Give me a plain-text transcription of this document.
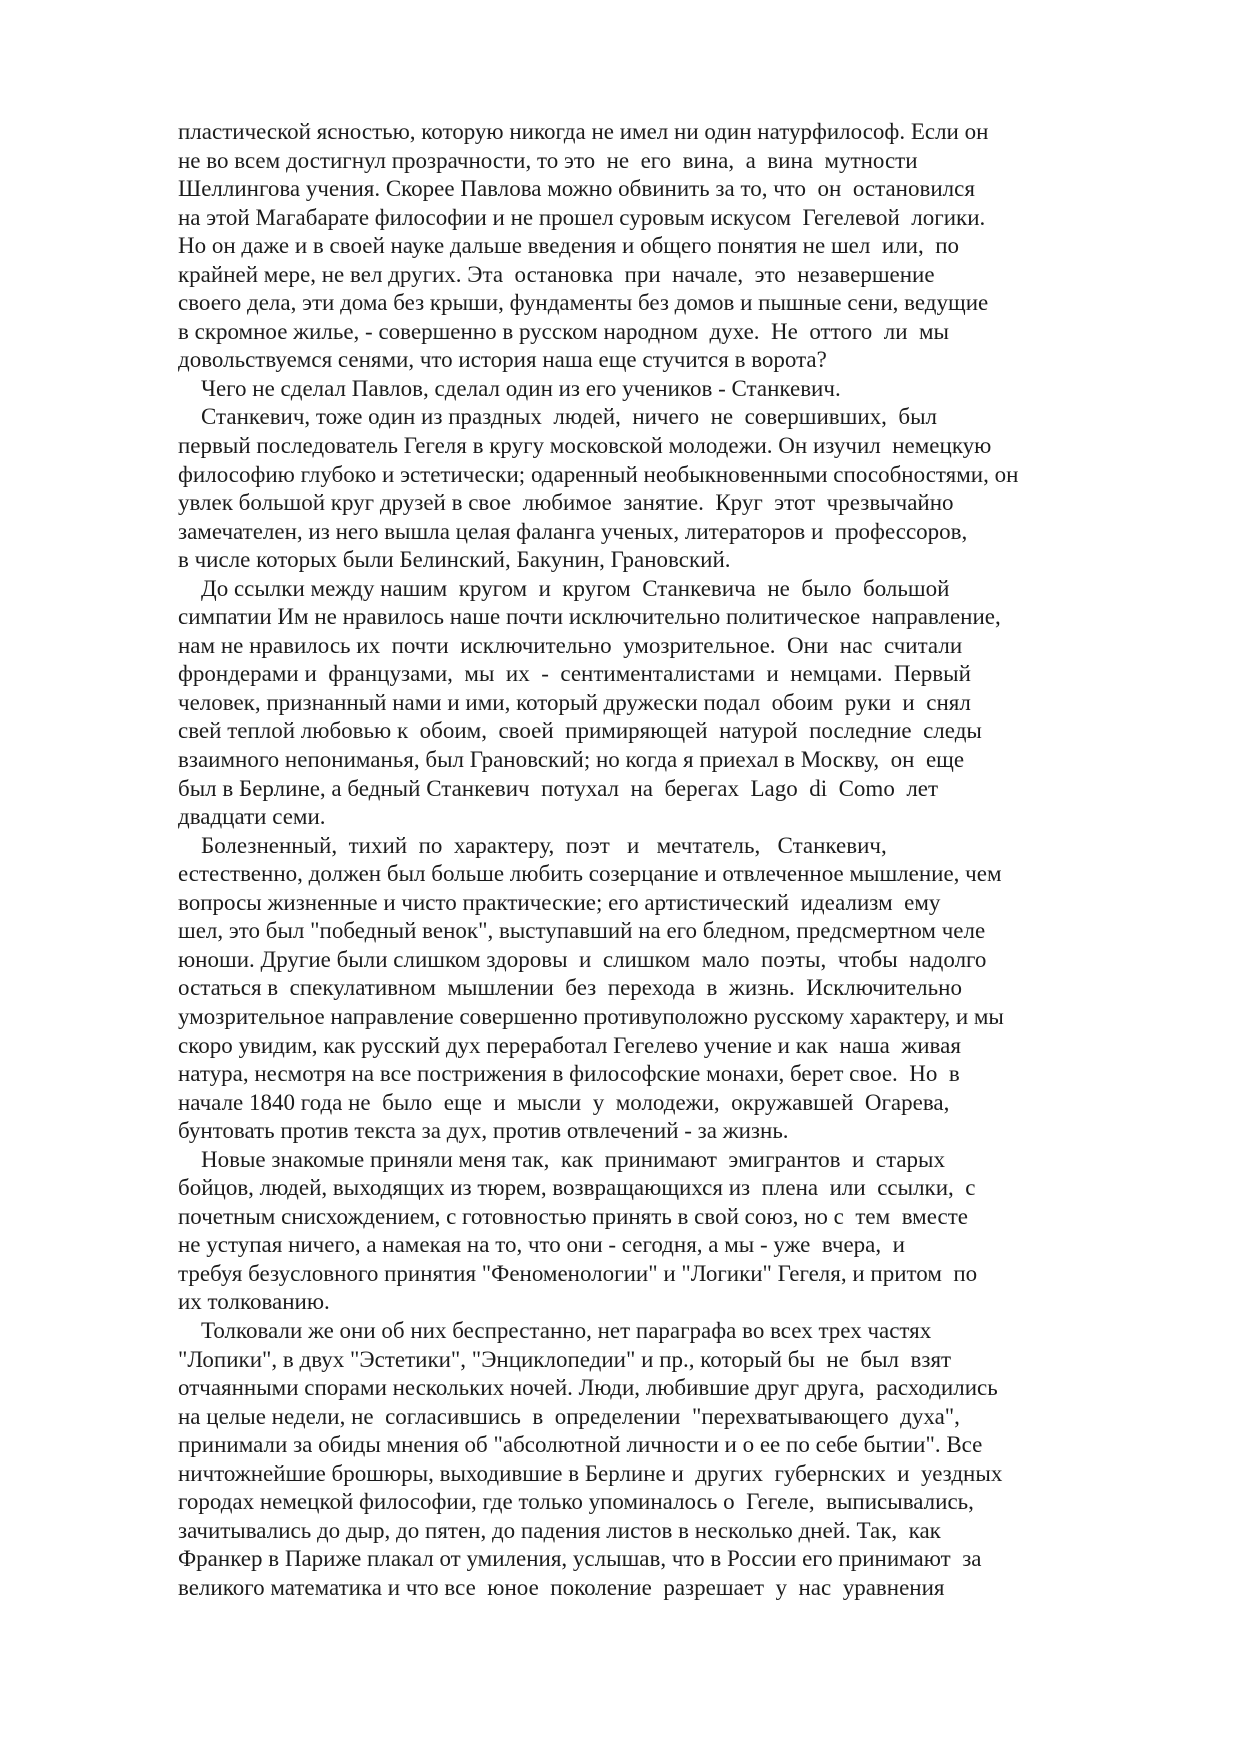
пластической ясностью, которую никогда не имел ни один натурфилософ. Если он
не во всем достигнул прозрачности, то это  не  его  вина,  а  вина  мутности
Шеллингова учения. Скорее Павлова можно обвинить за то, что  он  остановился
на этой Магабарате философии и не прошел суровым искусом  Гегелевой  логики.
Но он даже и в своей науке дальше введения и общего понятия не шел  или,  по
крайней мере, не вел других. Эта  остановка  при  начале,  это  незавершение
своего дела, эти дома без крыши, фундаменты без домов и пышные сени, ведущие
в скромное жилье, - совершенно в русском народном  духе.  Не  оттого  ли  мы
довольствуемся сенями, что история наша еще стучится в ворота?
Чего не сделал Павлов, сделал один из его учеников - Станкевич.
Станкевич, тоже один из праздных  людей,  ничего  не  совершивших,  был
первый последователь Гегеля в кругу московской молодежи. Он изучил  немецкую
философию глубоко и эстетически; одаренный необыкновенными способностями, он
увлек большой круг друзей в свое  любимое  занятие.  Круг  этот  чрезвычайно
замечателен, из него вышла целая фаланга ученых, литераторов и  профессоров,
в числе которых были Белинский, Бакунин, Грановский.
До ссылки между нашим  кругом  и  кругом  Станкевича  не  было  большой
симпатии Им не нравилось наше почти исключительно политическое  направление,
нам не нравилось их  почти  исключительно  умозрительное.  Они  нас  считали
фрондерами и  французами,  мы  их  -  сентименталистами  и  немцами.  Первый
человек, признанный нами и ими, который дружески подал  обоим  руки  и  снял
свей теплой любовью к  обоим,  своей  примиряющей  натурой  последние  следы
взаимного непониманья, был Грановский; но когда я приехал в Москву,  он  еще
был в Берлине, а бедный Станкевич  потухал  на  берегах  Lago  di  Como  лет
двадцати семи.
Болезненный,  тихий  по  характеру,  поэт   и   мечтатель,   Станкевич,
естественно, должен был больше любить созерцание и отвлеченное мышление, чем
вопросы жизненные и чисто практические; его артистический  идеализм  ему
шел, это был "победный венок", выступавший на его бледном, предсмертном челе
юноши. Другие были слишком здоровы  и  слишком  мало  поэты,  чтобы  надолго
остаться в  спекулативном  мышлении  без  перехода  в  жизнь.  Исключительно
умозрительное направление совершенно противуположно русскому характеру, и мы
скоро увидим, как русский дух переработал Гегелево учение и как  наша  живая
натура, несмотря на все пострижения в философские монахи, берет свое.  Но  в
начале 1840 года не  было  еще  и  мысли  у  молодежи,  окружавшей  Огарева,
бунтовать против текста за дух, против отвлечений - за жизнь.
Новые знакомые приняли меня так,  как  принимают  эмигрантов  и  старых
бойцов, людей, выходящих из тюрем, возвращающихся из  плена  или  ссылки,  с
почетным снисхождением, с готовностью принять в свой союз, но с  тем  вместе
не уступая ничего, а намекая на то, что они - сегодня, а мы - уже  вчера,  и
требуя безусловного принятия "Феноменологии" и "Логики" Гегеля, и притом  по
их толкованию.
Толковали же они об них беспрестанно, нет параграфа во всех трех частях
"Лопики", в двух "Эстетики", "Энциклопедии" и пр., который бы  не  был  взят
отчаянными спорами нескольких ночей. Люди, любившие друг друга,  расходились
на целые недели, не  согласившись  в  определении  "перехватывающего  духа",
принимали за обиды мнения об "абсолютной личности и о ее по себе бытии". Все
ничтожнейшие брошюры, выходившие в Берлине и  других  губернских  и  уездных
городах немецкой философии, где только упоминалось о  Гегеле,  выписывались,
зачитывались до дыр, до пятен, до падения листов в несколько дней. Так,  как
Франкер в Париже плакал от умиления, услышав, что в России его принимают  за
великого математика и что все  юное  поколение  разрешает  у  нас  уравнения
